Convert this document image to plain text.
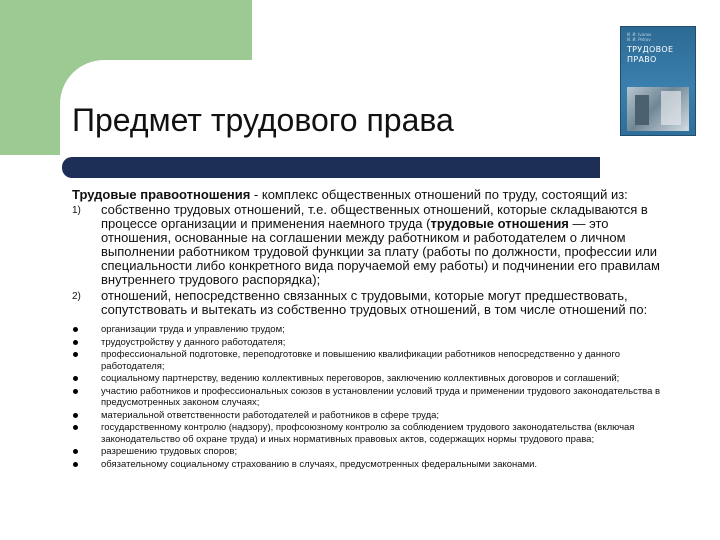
И. И. Ivanov
И. И. Petrov
ТРУДОВОЕ
ПРАВО
Предмет трудового права
Трудовые правоотношения - комплекс общественных отношений по труду, состоящий из:
1) собственно трудовых отношений, т.е. общественных отношений, которые складываются в процессе организации и применения наемного труда (трудовые отношения — это отношения, основанные на соглашении между работником и работодателем о личном выполнении работником трудовой функции за плату (работы по должности, профессии или специальности либо конкретного вида поручаемой ему работы) и подчинении его правилам внутреннего трудового распорядка);
2) отношений, непосредственно связанных с трудовыми, которые могут предшествовать, сопутствовать и вытекать из собственно трудовых отношений, в том числе отношений по:
организации труда и управлению трудом;
трудоустройству у данного работодателя;
профессиональной подготовке, переподготовке и повышению квалификации работников непосредственно у данного работодателя;
социальному партнерству, ведению коллективных переговоров, заключению коллективных договоров и соглашений;
участию работников и профессиональных союзов в установлении условий труда и применении трудового законодательства в предусмотренных законом случаях;
материальной ответственности работодателей и работников в сфере труда;
государственному контролю (надзору), профсоюзному контролю за соблюдением трудового законодательства (включая законодательство об охране труда) и иных нормативных правовых актов, содержащих нормы трудового права;
разрешению трудовых споров;
обязательному социальному страхованию в случаях, предусмотренных федеральными законами.
